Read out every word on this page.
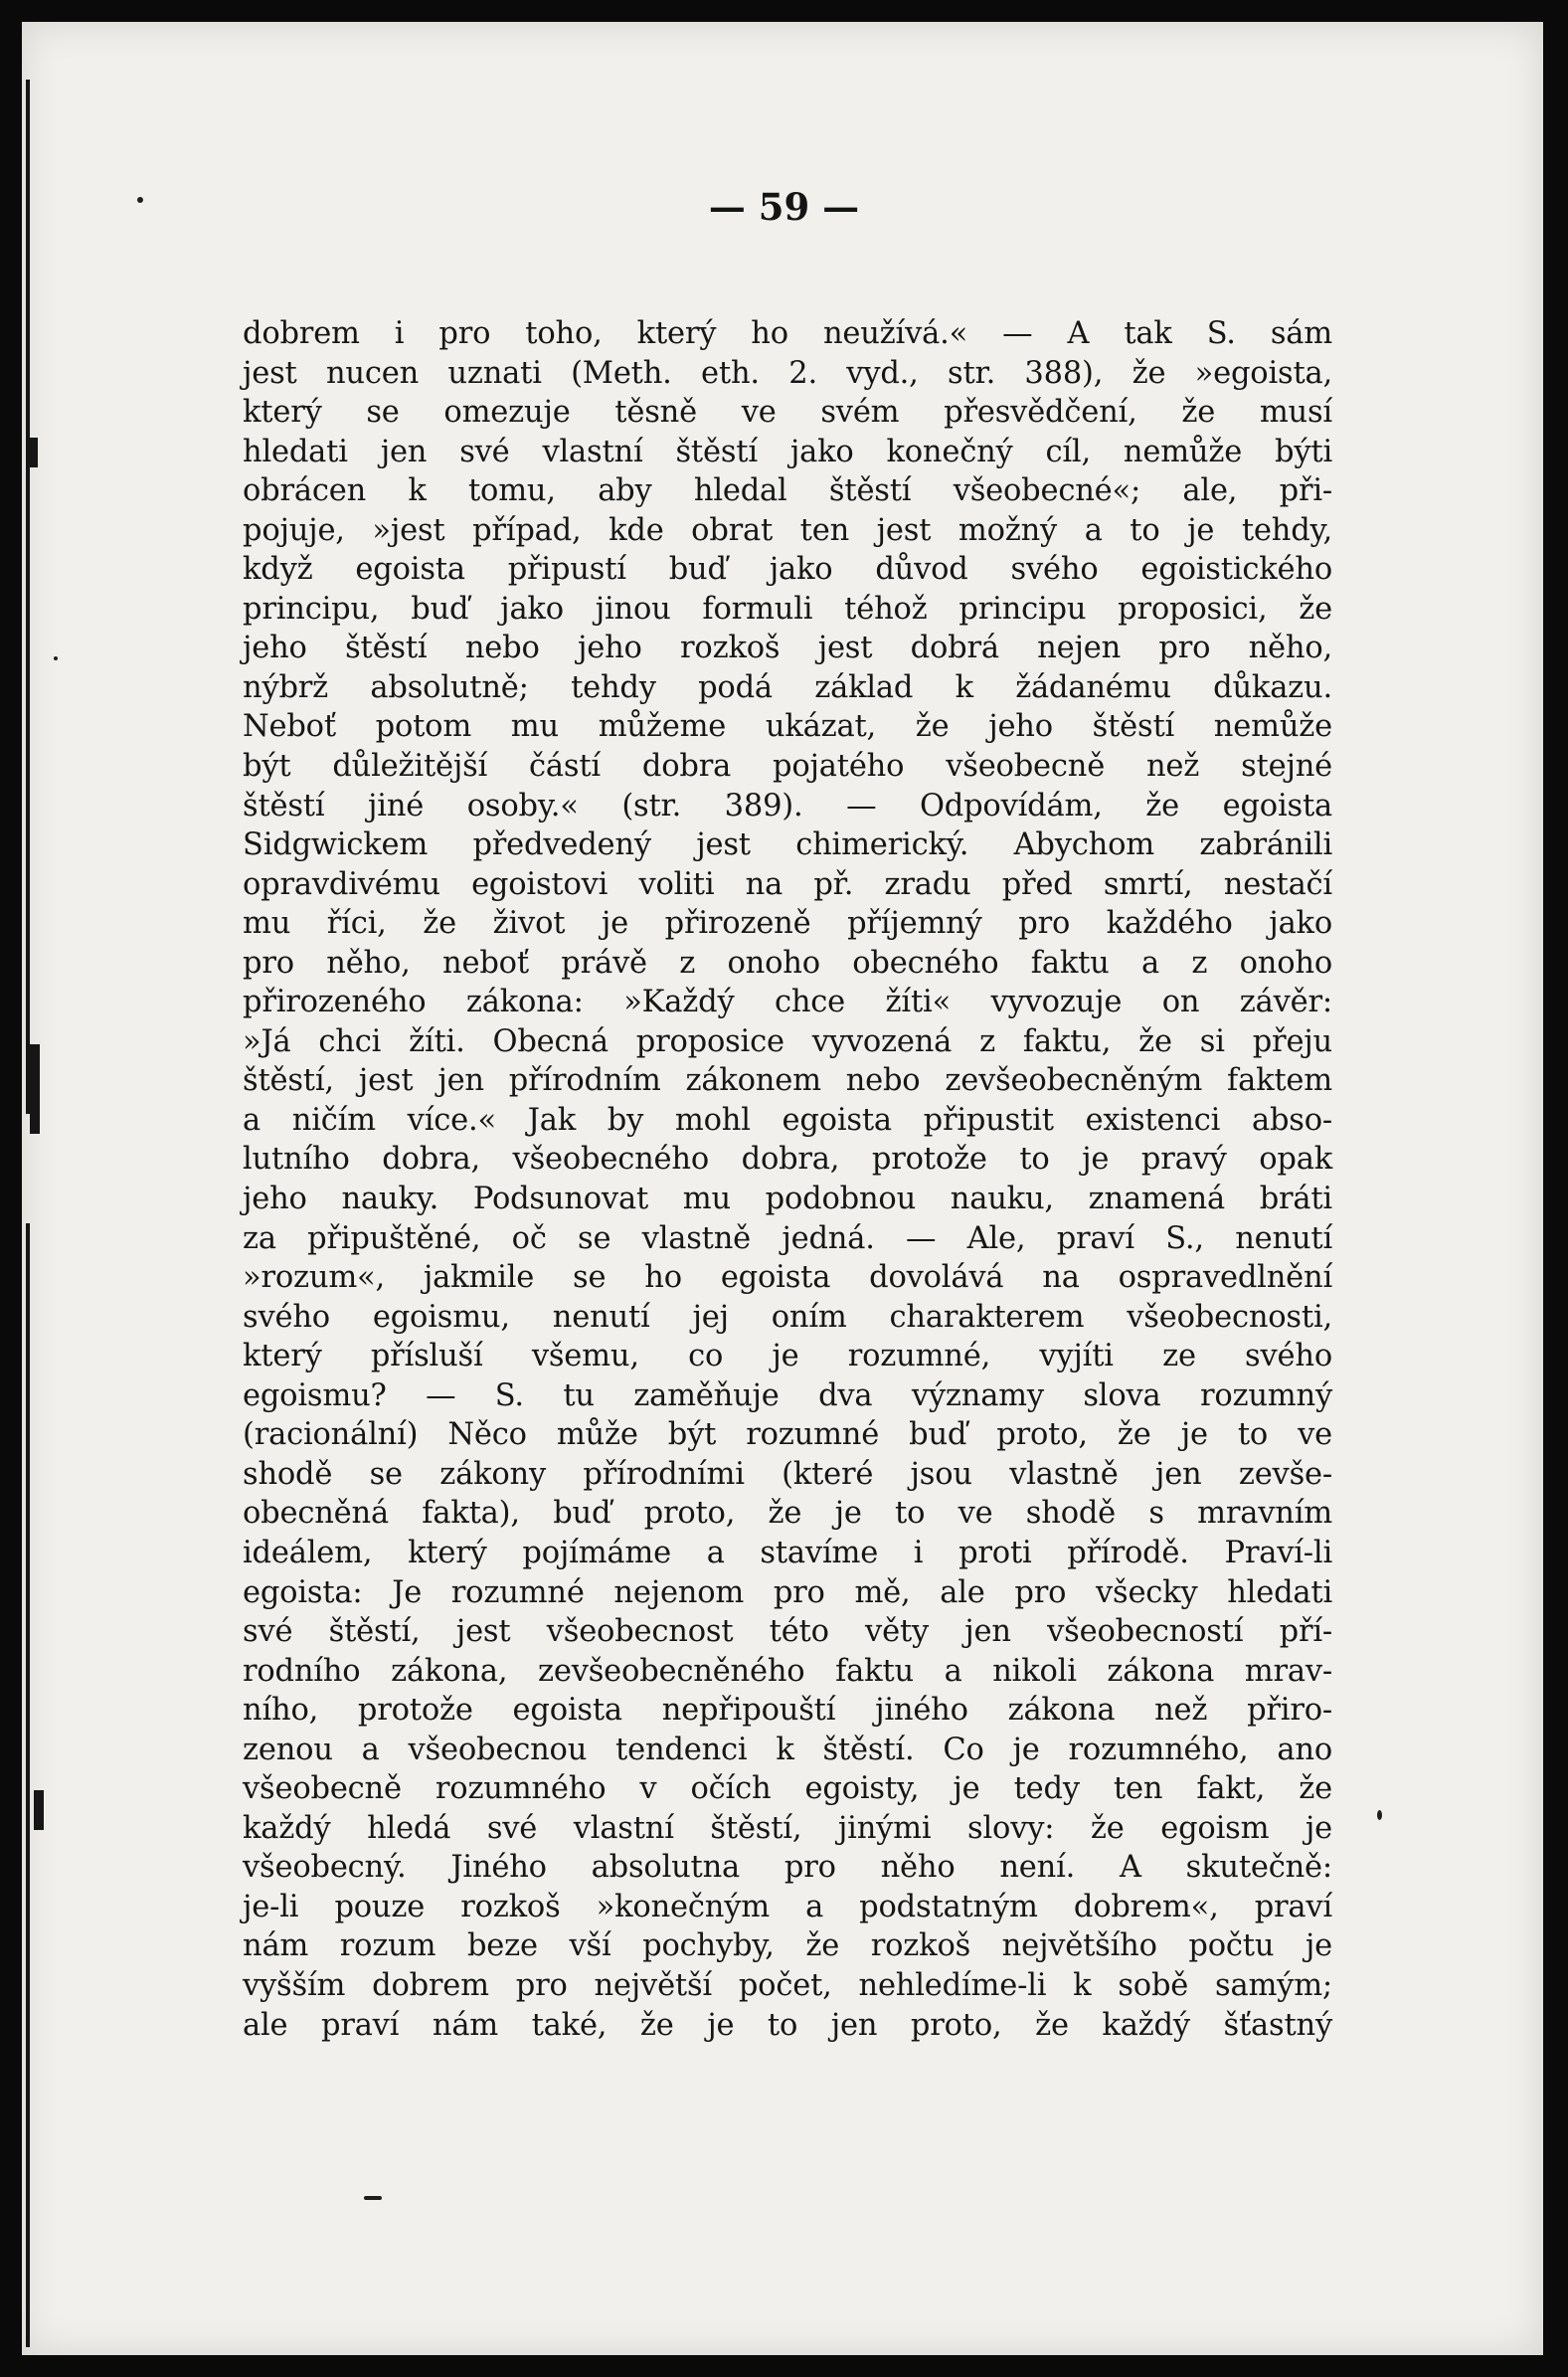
— 59 —
dobrem i pro toho, který ho neužívá.« — A tak S. sám
jest nucen uznati (Meth. eth. 2. vyd., str. 388), že »egoista,
který se omezuje těsně ve svém přesvědčení, že musí
hledati jen své vlastní štěstí jako konečný cíl, nemůže býti
obrácen k tomu, aby hledal štěstí všeobecné«; ale, při-
pojuje, »jest případ, kde obrat ten jest možný a to je tehdy,
když egoista připustí buď jako důvod svého egoistického
principu, buď jako jinou formuli téhož principu proposici, že
jeho štěstí nebo jeho rozkoš jest dobrá nejen pro něho,
nýbrž absolutně; tehdy podá základ k žádanému důkazu.
Neboť potom mu můžeme ukázat, že jeho štěstí nemůže
být důležitější částí dobra pojatého všeobecně než stejné
štěstí jiné osoby.« (str. 389). — Odpovídám, že egoista
Sidgwickem předvedený jest chimerický. Abychom zabránili
opravdivému egoistovi voliti na př. zradu před smrtí, nestačí
mu říci, že život je přirozeně příjemný pro každého jako
pro něho, neboť právě z onoho obecného faktu a z onoho
přirozeného zákona: »Každý chce žíti« vyvozuje on závěr:
»Já chci žíti. Obecná proposice vyvozená z faktu, že si přeju
štěstí, jest jen přírodním zákonem nebo zevšeobecněným faktem
a ničím více.« Jak by mohl egoista připustit existenci abso-
lutního dobra, všeobecného dobra, protože to je pravý opak
jeho nauky. Podsunovat mu podobnou nauku, znamená bráti
za připuštěné, oč se vlastně jedná. — Ale, praví S., nenutí
»rozum«, jakmile se ho egoista dovolává na ospravedlnění
svého egoismu, nenutí jej oním charakterem všeobecnosti,
který přísluší všemu, co je rozumné, vyjíti ze svého
egoismu? — S. tu zaměňuje dva významy slova rozumný
(racionální) Něco může být rozumné buď proto, že je to ve
shodě se zákony přírodními (které jsou vlastně jen zevše-
obecněná fakta), buď proto, že je to ve shodě s mravním
ideálem, který pojímáme a stavíme i proti přírodě. Praví-li
egoista: Je rozumné nejenom pro mě, ale pro všecky hledati
své štěstí, jest všeobecnost této věty jen všeobecností pří-
rodního zákona, zevšeobecněného faktu a nikoli zákona mrav-
ního, protože egoista nepřipouští jiného zákona než přiro-
zenou a všeobecnou tendenci k štěstí. Co je rozumného, ano
všeobecně rozumného v očích egoisty, je tedy ten fakt, že
každý hledá své vlastní štěstí, jinými slovy: že egoism je
všeobecný. Jiného absolutna pro něho není. A skutečně:
je-li pouze rozkoš »konečným a podstatným dobrem«, praví
nám rozum beze vší pochyby, že rozkoš největšího počtu je
vyšším dobrem pro největší počet, nehledíme-li k sobě samým;
ale praví nám také, že je to jen proto, že každý šťastný
